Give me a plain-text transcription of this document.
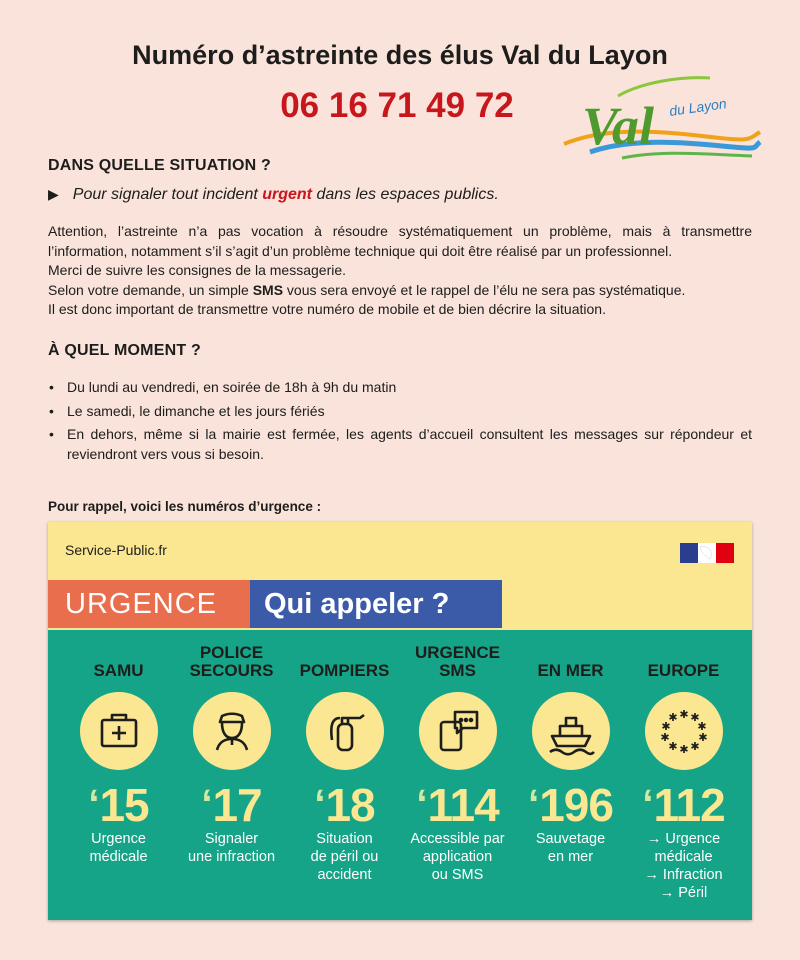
Numéro d’astreinte des élus Val du Layon
06 16 71 49 72	Val du Layon
DANS QUELLE SITUATION ?
▶ Pour signaler tout incident urgent dans les espaces publics.

Attention, l’astreinte n’a pas vocation à résoudre systématiquement un problème, mais à transmettre l’information, notamment s’il s’agit d’un problème technique qui doit être réalisé par un professionnel.

Merci de suivre les consignes de la messagerie.

Selon votre demande, un simple SMS vous sera envoyé et le rappel de l’élu ne sera pas systématique.

Il est donc important de transmettre votre numéro de mobile et de bien décrire la situation.

À QUEL MOMENT ?
• Du lundi au vendredi, en soirée de 18h à 9h du matin
• Le samedi, le dimanche et les jours fériés
• En dehors, même si la mairie est fermée, les agents d’accueil consultent les messages sur répondeur et reviendront vers vous si besoin.
Pour rappel, voici les numéros d’urgence :
Service-Public.fr
URGENCE	Qui appeler ?
SAMU
‘15
Urgence
médicale
POLICE
SECOURS
‘17
Signaler
une infraction
POMPIERS
‘18
Situation
de péril ou
accident
URGENCE
SMS
‘114
Accessible par
application
ou SMS
EN MER
‘196
Sauvetage
en mer
EUROPE
✱ ✱
✱
✱
✱
✱
✱
✱
✱
✱
‘112
→ Urgence
médicale
→ Infraction
→ Péril
